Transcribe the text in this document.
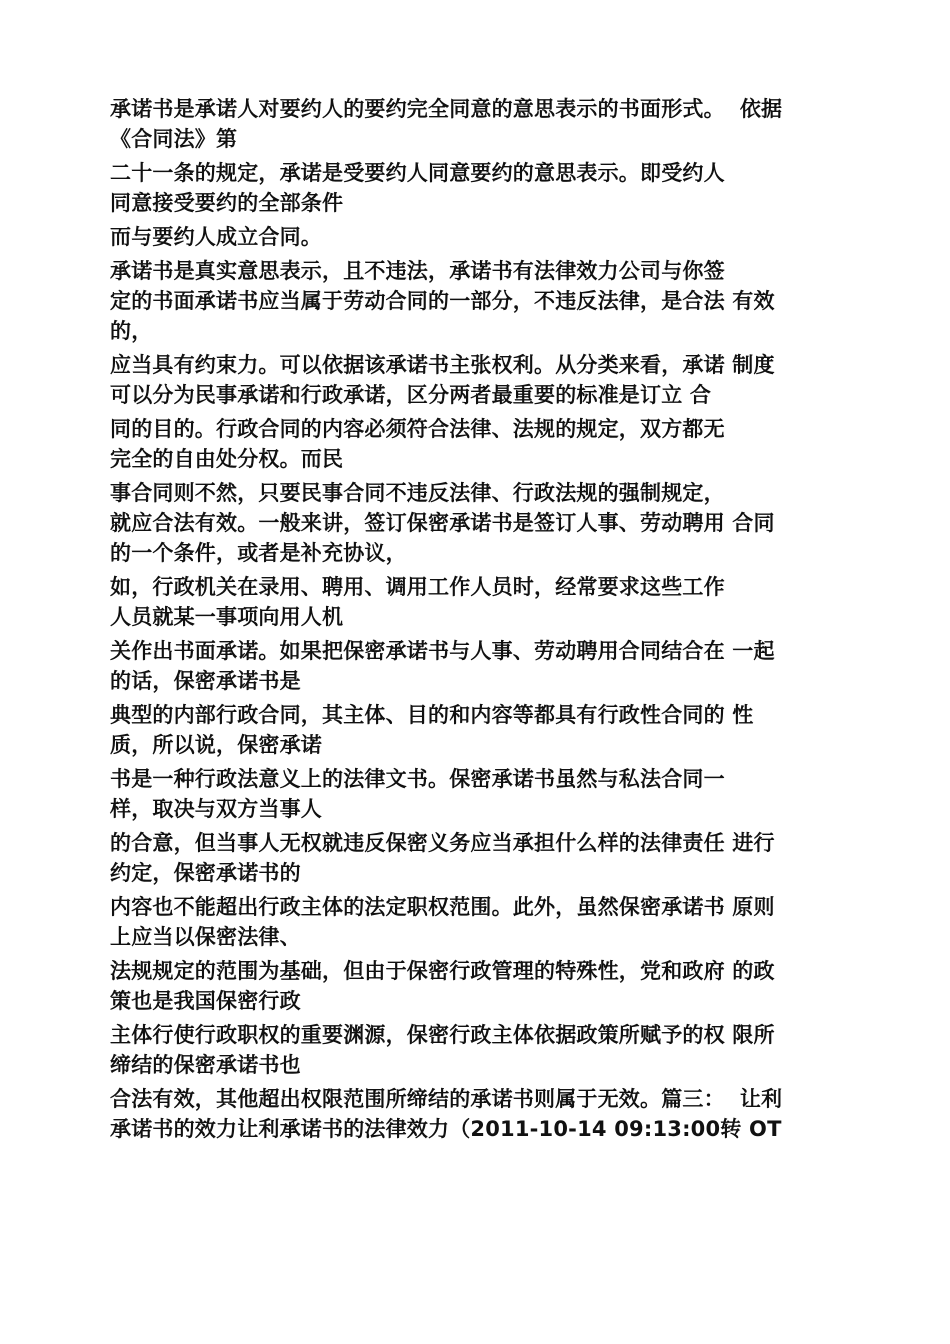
承诺书是承诺人对要约人的要约完全同意的意思表示的书面形式。  依据
《合同法》第
二十一条的规定，承诺是受要约人同意要约的意思表示。即受约人
同意接受要约的全部条件
而与要约人成立合同。
承诺书是真实意思表示，且不违法，承诺书有法律效力公司与你签
定的书面承诺书应当属于劳动合同的一部分，不违反法律，是合法 有效
的，
应当具有约束力。可以依据该承诺书主张权利。从分类来看，承诺 制度
可以分为民事承诺和行政承诺，区分两者最重要的标准是订立 合
同的目的。行政合同的内容必须符合法律、法规的规定，双方都无
完全的自由处分权。而民
事合同则不然，只要民事合同不违反法律、行政法规的强制规定，
就应合法有效。一般来讲，签订保密承诺书是签订人事、劳动聘用 合同
的一个条件，或者是补充协议，
如，行政机关在录用、聘用、调用工作人员时，经常要求这些工作
人员就某一事项向用人机
关作出书面承诺。如果把保密承诺书与人事、劳动聘用合同结合在 一起
的话，保密承诺书是
典型的内部行政合同，其主体、目的和内容等都具有行政性合同的 性
质，所以说，保密承诺
书是一种行政法意义上的法律文书。保密承诺书虽然与私法合同一
样，取决与双方当事人
的合意，但当事人无权就违反保密义务应当承担什么样的法律责任 进行
约定，保密承诺书的
内容也不能超出行政主体的法定职权范围。此外，虽然保密承诺书 原则
上应当以保密法律、
法规规定的范围为基础，但由于保密行政管理的特殊性，党和政府 的政
策也是我国保密行政
主体行使行政职权的重要渊源，保密行政主体依据政策所赋予的权 限所
缔结的保密承诺书也
合法有效，其他超出权限范围所缔结的承诺书则属于无效。篇三：  让利
承诺书的效力让利承诺书的法律效力（2011-10-14 09:13:00转 OT
